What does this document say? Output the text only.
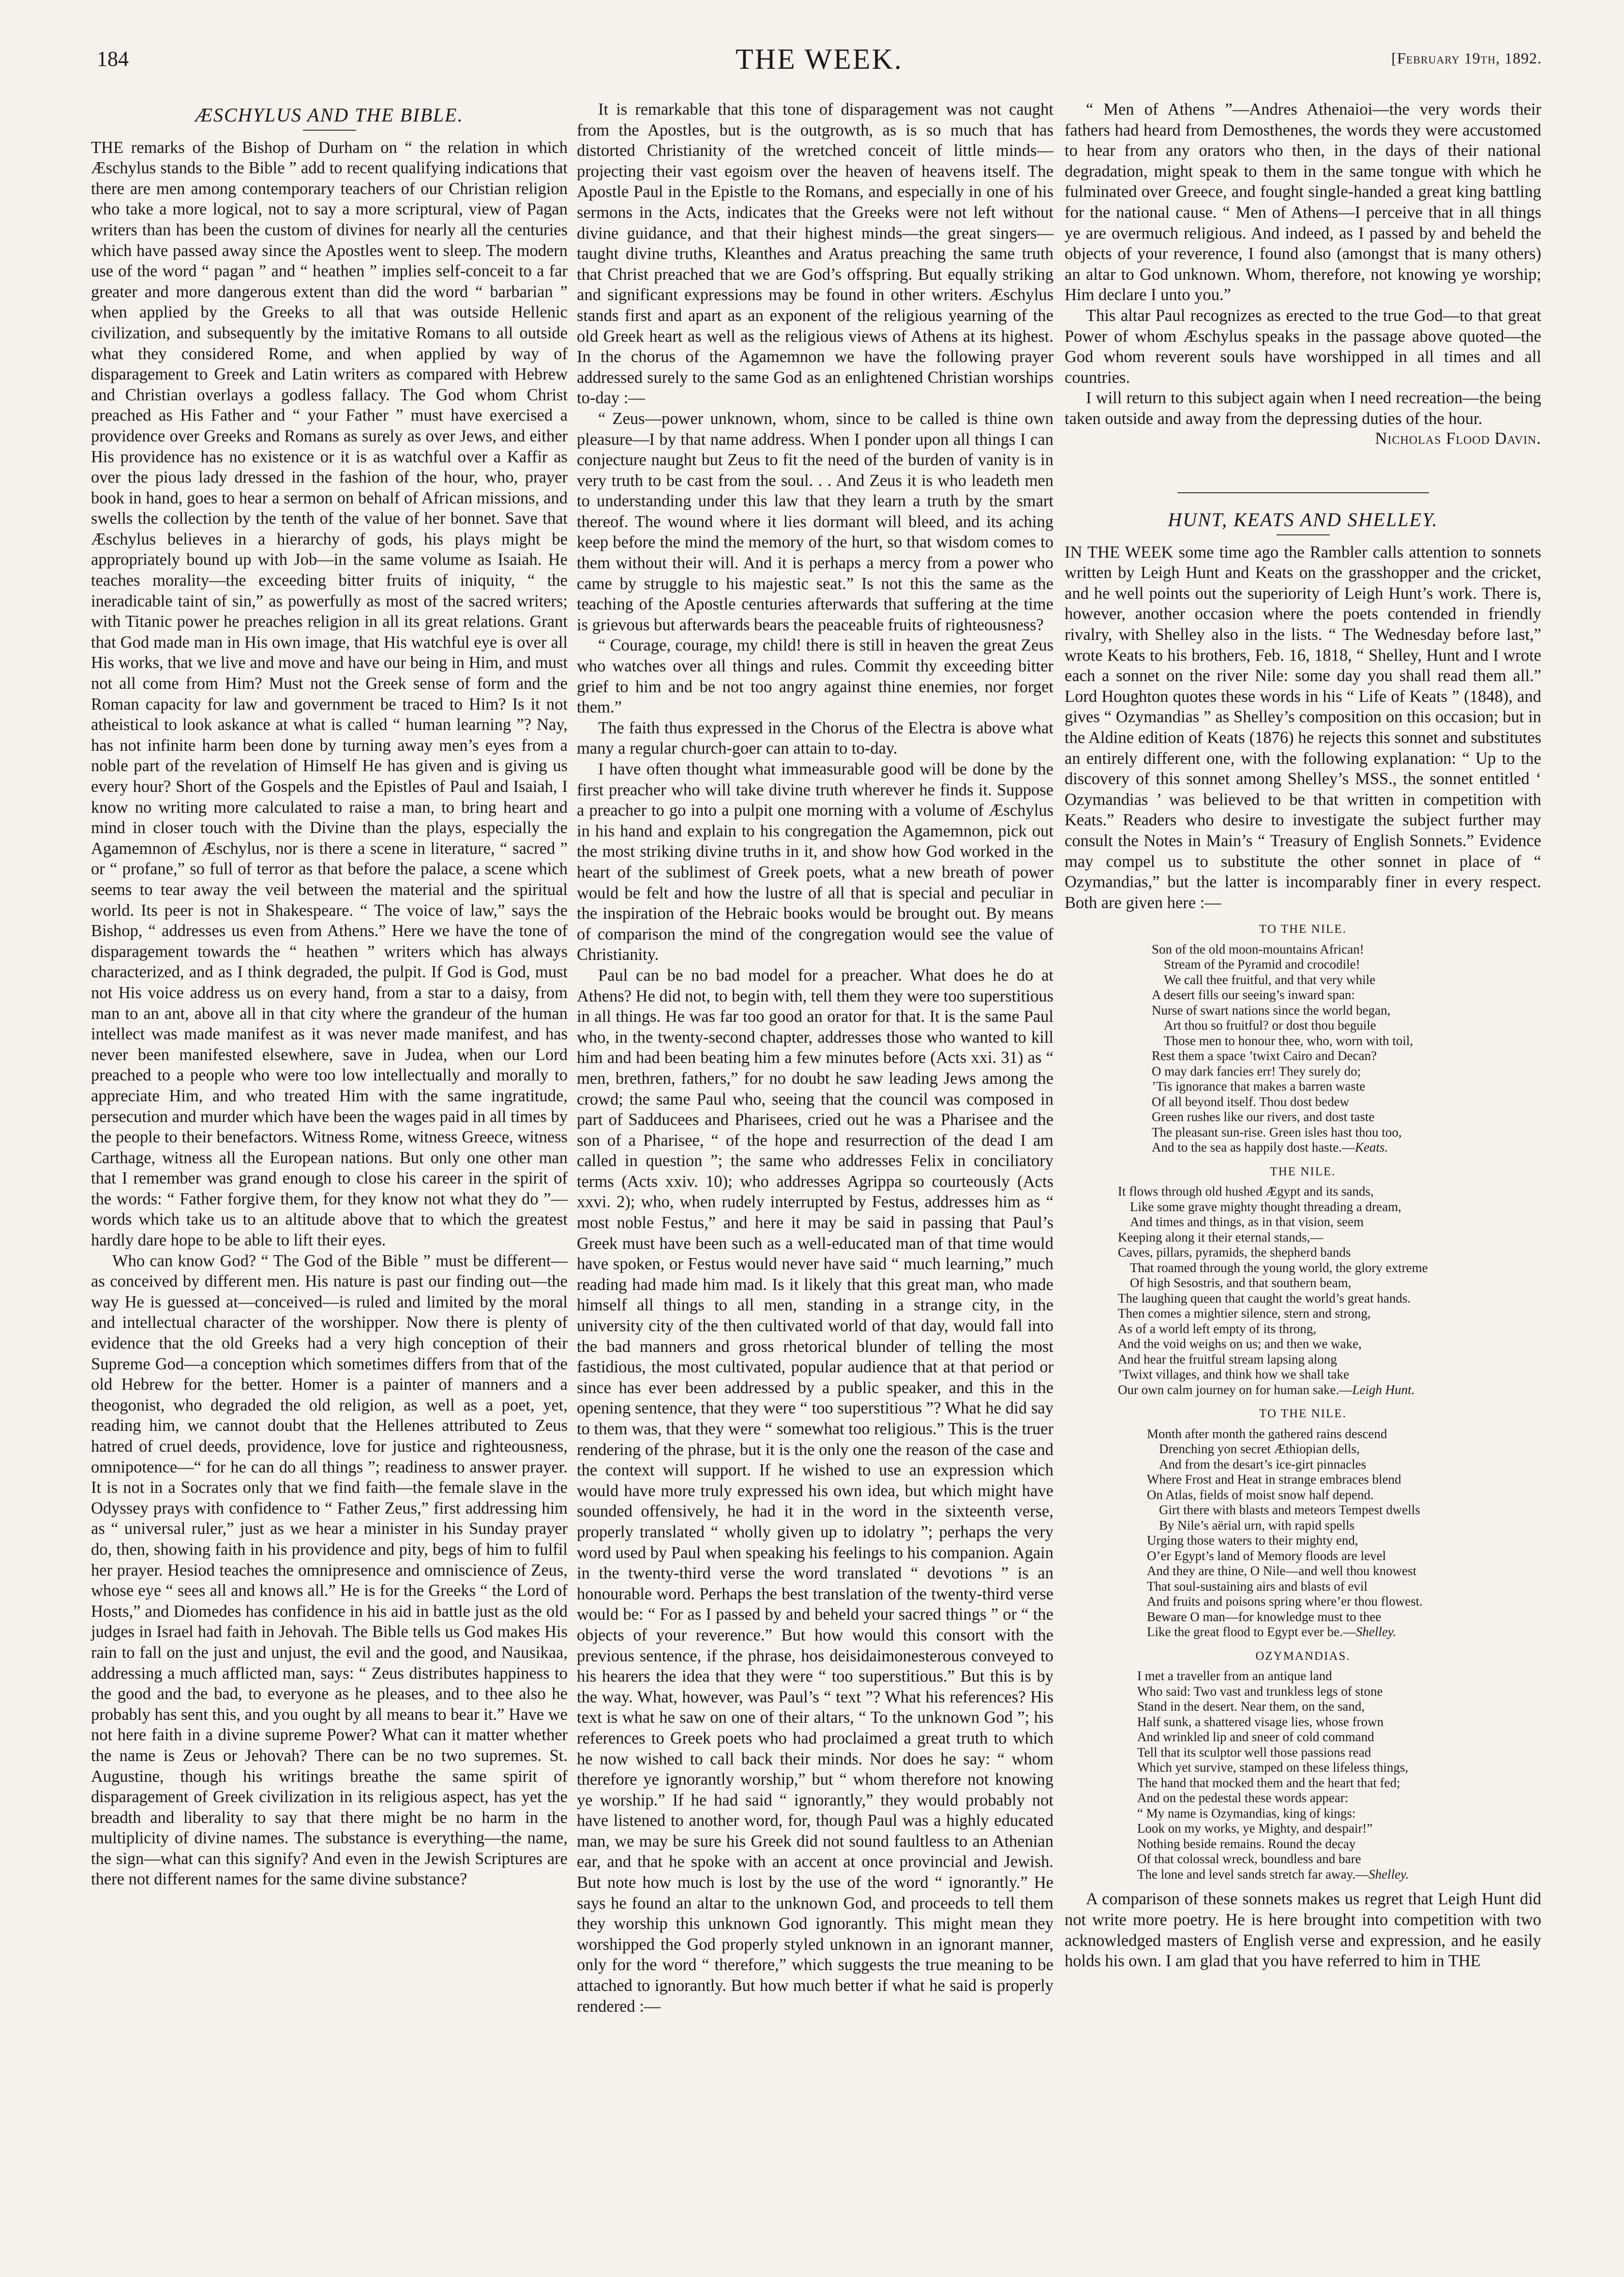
184	THE WEEK.	[February 19th, 1892.
ÆSCHYLUS AND THE BIBLE.

THE remarks of the Bishop of Durham on “ the relation in which Æschylus stands to the Bible ” add to recent qualifying indications that there are men among contemporary teachers of our Christian religion who take a more logical, not to say a more scriptural, view of Pagan writers than has been the custom of divines for nearly all the centuries which have passed away since the Apostles went to sleep. The modern use of the word “ pagan ” and “ heathen ” implies self-conceit to a far greater and more dangerous extent than did the word “ barbarian ” when applied by the Greeks to all that was outside Hellenic civilization, and subsequently by the imitative Romans to all outside what they considered Rome, and when applied by way of disparagement to Greek and Latin writers as compared with Hebrew and Christian overlays a godless fallacy. The God whom Christ preached as His Father and “ your Father ” must have exercised a providence over Greeks and Romans as surely as over Jews, and either His providence has no existence or it is as watchful over a Kaffir as over the pious lady dressed in the fashion of the hour, who, prayer book in hand, goes to hear a sermon on behalf of African missions, and swells the collection by the tenth of the value of her bonnet. Save that Æschylus believes in a hierarchy of gods, his plays might be appropriately bound up with Job—in the same volume as Isaiah. He teaches morality—the exceeding bitter fruits of iniquity, “ the ineradicable taint of sin,” as powerfully as most of the sacred writers; with Titanic power he preaches religion in all its great relations. Grant that God made man in His own image, that His watchful eye is over all His works, that we live and move and have our being in Him, and must not all come from Him? Must not the Greek sense of form and the Roman capacity for law and government be traced to Him? Is it not atheistical to look askance at what is called “ human learning ”? Nay, has not infinite harm been done by turning away men’s eyes from a noble part of the revelation of Himself He has given and is giving us every hour? Short of the Gospels and the Epistles of Paul and Isaiah, I know no writing more calculated to raise a man, to bring heart and mind in closer touch with the Divine than the plays, especially the Agamemnon of Æschylus, nor is there a scene in literature, “ sacred ” or “ profane,” so full of terror as that before the palace, a scene which seems to tear away the veil between the material and the spiritual world. Its peer is not in Shakespeare. “ The voice of law,” says the Bishop, “ addresses us even from Athens.” Here we have the tone of disparagement towards the “ heathen ” writers which has always characterized, and as I think degraded, the pulpit. If God is God, must not His voice address us on every hand, from a star to a daisy, from man to an ant, above all in that city where the grandeur of the human intellect was made manifest as it was never made manifest, and has never been manifested elsewhere, save in Judea, when our Lord preached to a people who were too low intellectually and morally to appreciate Him, and who treated Him with the same ingratitude, persecution and murder which have been the wages paid in all times by the people to their benefactors. Witness Rome, witness Greece, witness Carthage, witness all the European nations. But only one other man that I remember was grand enough to close his career in the spirit of the words: “ Father forgive them, for they know not what they do ”—words which take us to an altitude above that to which the greatest hardly dare hope to be able to lift their eyes.

Who can know God? “ The God of the Bible ” must be different—as conceived by different men. His nature is past our finding out—the way He is guessed at—conceived—is ruled and limited by the moral and intellectual character of the worshipper. Now there is plenty of evidence that the old Greeks had a very high conception of their Supreme God—a conception which sometimes differs from that of the old Hebrew for the better. Homer is a painter of manners and a theogonist, who degraded the old religion, as well as a poet, yet, reading him, we cannot doubt that the Hellenes attributed to Zeus hatred of cruel deeds, providence, love for justice and righteousness, omnipotence—“ for he can do all things ”; readiness to answer prayer. It is not in a Socrates only that we find faith—the female slave in the Odyssey prays with confidence to “ Father Zeus,” first addressing him as “ universal ruler,” just as we hear a minister in his Sunday prayer do, then, showing faith in his providence and pity, begs of him to fulfil her prayer. Hesiod teaches the omnipresence and omniscience of Zeus, whose eye “ sees all and knows all.” He is for the Greeks “ the Lord of Hosts,” and Diomedes has confidence in his aid in battle just as the old judges in Israel had faith in Jehovah. The Bible tells us God makes His rain to fall on the just and unjust, the evil and the good, and Nausikaa, addressing a much afflicted man, says: “ Zeus distributes happiness to the good and the bad, to everyone as he pleases, and to thee also he probably has sent this, and you ought by all means to bear it.” Have we not here faith in a divine supreme Power? What can it matter whether the name is Zeus or Jehovah? There can be no two supremes. St. Augustine, though his writings breathe the same spirit of disparagement of Greek civilization in its religious aspect, has yet the breadth and liberality to say that there might be no harm in the multiplicity of divine names. The substance is everything—the name, the sign—what can this signify? And even in the Jewish Scriptures are there not different names for the same divine substance?

It is remarkable that this tone of disparagement was not caught from the Apostles, but is the outgrowth, as is so much that has distorted Christianity of the wretched conceit of little minds—projecting their vast egoism over the heaven of heavens itself. The Apostle Paul in the Epistle to the Romans, and especially in one of his sermons in the Acts, indicates that the Greeks were not left without divine guidance, and that their highest minds—the great singers—taught divine truths, Kleanthes and Aratus preaching the same truth that Christ preached that we are God’s offspring. But equally striking and significant expressions may be found in other writers. Æschylus stands first and apart as an exponent of the religious yearning of the old Greek heart as well as the religious views of Athens at its highest. In the chorus of the Agamemnon we have the following prayer addressed surely to the same God as an enlightened Christian worships to-day :—

“ Zeus—power unknown, whom, since to be called is thine own pleasure—I by that name address. When I ponder upon all things I can conjecture naught but Zeus to fit the need of the burden of vanity is in very truth to be cast from the soul. . . And Zeus it is who leadeth men to understanding under this law that they learn a truth by the smart thereof. The wound where it lies dormant will bleed, and its aching keep before the mind the memory of the hurt, so that wisdom comes to them without their will. And it is perhaps a mercy from a power who came by struggle to his majestic seat.” Is not this the same as the teaching of the Apostle centuries afterwards that suffering at the time is grievous but afterwards bears the peaceable fruits of righteousness?

“ Courage, courage, my child! there is still in heaven the great Zeus who watches over all things and rules. Commit thy exceeding bitter grief to him and be not too angry against thine enemies, nor forget them.”

The faith thus expressed in the Chorus of the Electra is above what many a regular church-goer can attain to to-day.

I have often thought what immeasurable good will be done by the first preacher who will take divine truth wherever he finds it. Suppose a preacher to go into a pulpit one morning with a volume of Æschylus in his hand and explain to his congregation the Agamemnon, pick out the most striking divine truths in it, and show how God worked in the heart of the sublimest of Greek poets, what a new breath of power would be felt and how the lustre of all that is special and peculiar in the inspiration of the Hebraic books would be brought out. By means of comparison the mind of the congregation would see the value of Christianity.

Paul can be no bad model for a preacher. What does he do at Athens? He did not, to begin with, tell them they were too superstitious in all things. He was far too good an orator for that. It is the same Paul who, in the twenty-second chapter, addresses those who wanted to kill him and had been beating him a few minutes before (Acts xxi. 31) as “ men, brethren, fathers,” for no doubt he saw leading Jews among the crowd; the same Paul who, seeing that the council was composed in part of Sadducees and Pharisees, cried out he was a Pharisee and the son of a Pharisee, “ of the hope and resurrection of the dead I am called in question ”; the same who addresses Felix in conciliatory terms (Acts xxiv. 10); who addresses Agrippa so courteously (Acts xxvi. 2); who, when rudely interrupted by Festus, addresses him as “ most noble Festus,” and here it may be said in passing that Paul’s Greek must have been such as a well-educated man of that time would have spoken, or Festus would never have said “ much learning,” much reading had made him mad. Is it likely that this great man, who made himself all things to all men, standing in a strange city, in the university city of the then cultivated world of that day, would fall into the bad manners and gross rhetorical blunder of telling the most fastidious, the most cultivated, popular audience that at that period or since has ever been addressed by a public speaker, and this in the opening sentence, that they were “ too superstitious ”? What he did say to them was, that they were “ somewhat too religious.” This is the truer rendering of the phrase, but it is the only one the reason of the case and the context will support. If he wished to use an expression which would have more truly expressed his own idea, but which might have sounded offensively, he had it in the word in the sixteenth verse, properly translated “ wholly given up to idolatry ”; perhaps the very word used by Paul when speaking his feelings to his companion. Again in the twenty-third verse the word translated “ devotions ” is an honourable word. Perhaps the best translation of the twenty-third verse would be: “ For as I passed by and beheld your sacred things ” or “ the objects of your reverence.” But how would this consort with the previous sentence, if the phrase, hos deisidaimonesterous conveyed to his hearers the idea that they were “ too superstitious.” But this is by the way. What, however, was Paul’s “ text ”? What his references? His text is what he saw on one of their altars, “ To the unknown God ”; his references to Greek poets who had proclaimed a great truth to which he now wished to call back their minds. Nor does he say: “ whom therefore ye ignorantly worship,” but “ whom therefore not knowing ye worship.” If he had said “ ignorantly,” they would probably not have listened to another word, for, though Paul was a highly educated man, we may be sure his Greek did not sound faultless to an Athenian ear, and that he spoke with an accent at once provincial and Jewish. But note how much is lost by the use of the word “ ignorantly.” He says he found an altar to the unknown God, and proceeds to tell them they worship this unknown God ignorantly. This might mean they worshipped the God properly styled unknown in an ignorant manner, only for the word “ therefore,” which suggests the true meaning to be attached to ignorantly. But how much better if what he said is properly rendered :—

“ Men of Athens ”—Andres Athenaioi—the very words their fathers had heard from Demosthenes, the words they were accustomed to hear from any orators who then, in the days of their national degradation, might speak to them in the same tongue with which he fulminated over Greece, and fought single-handed a great king battling for the national cause. “ Men of Athens—I perceive that in all things ye are overmuch religious. And indeed, as I passed by and beheld the objects of your reverence, I found also (amongst that is many others) an altar to God unknown. Whom, therefore, not knowing ye worship; Him declare I unto you.”

This altar Paul recognizes as erected to the true God—to that great Power of whom Æschylus speaks in the passage above quoted—the God whom reverent souls have worshipped in all times and all countries.

I will return to this subject again when I need recreation—the being taken outside and away from the depressing duties of the hour.

Nicholas Flood Davin.
HUNT, KEATS AND SHELLEY.

IN THE WEEK some time ago the Rambler calls attention to sonnets written by Leigh Hunt and Keats on the grasshopper and the cricket, and he well points out the superiority of Leigh Hunt’s work. There is, however, another occasion where the poets contended in friendly rivalry, with Shelley also in the lists. “ The Wednesday before last,” wrote Keats to his brothers, Feb. 16, 1818, “ Shelley, Hunt and I wrote each a sonnet on the river Nile: some day you shall read them all.” Lord Houghton quotes these words in his “ Life of Keats ” (1848), and gives “ Ozymandias ” as Shelley’s composition on this occasion; but in the Aldine edition of Keats (1876) he rejects this sonnet and substitutes an entirely different one, with the following explanation: “ Up to the discovery of this sonnet among Shelley’s MSS., the sonnet entitled ‘ Ozymandias ’ was believed to be that written in competition with Keats.” Readers who desire to investigate the subject further may consult the Notes in Main’s “ Treasury of English Sonnets.” Evidence may compel us to substitute the other sonnet in place of “ Ozymandias,” but the latter is incomparably finer in every respect. Both are given here :—

TO THE NILE.
Son of the old moon-mountains African!
Stream of the Pyramid and crocodile!
We call thee fruitful, and that very while
A desert fills our seeing’s inward span:
Nurse of swart nations since the world began,
Art thou so fruitful? or dost thou beguile
Those men to honour thee, who, worn with toil,
Rest them a space ’twixt Cairo and Decan?
O may dark fancies err! They surely do;
’Tis ignorance that makes a barren waste
Of all beyond itself. Thou dost bedew
Green rushes like our rivers, and dost taste
The pleasant sun-rise. Green isles hast thou too,
And to the sea as happily dost haste.—Keats.
THE NILE.
It flows through old hushed Ægypt and its sands,
Like some grave mighty thought threading a dream,
And times and things, as in that vision, seem
Keeping along it their eternal stands,—
Caves, pillars, pyramids, the shepherd bands
That roamed through the young world, the glory extreme
Of high Sesostris, and that southern beam,
The laughing queen that caught the world’s great hands.
Then comes a mightier silence, stern and strong,
As of a world left empty of its throng,
And the void weighs on us; and then we wake,
And hear the fruitful stream lapsing along
’Twixt villages, and think how we shall take
Our own calm journey on for human sake.—Leigh Hunt.
TO THE NILE.
Month after month the gathered rains descend
Drenching yon secret Æthiopian dells,
And from the desart’s ice-girt pinnacles
Where Frost and Heat in strange embraces blend
On Atlas, fields of moist snow half depend.
Girt there with blasts and meteors Tempest dwells
By Nile’s aërial urn, with rapid spells
Urging those waters to their mighty end,
O’er Egypt’s land of Memory floods are level
And they are thine, O Nile—and well thou knowest
That soul-sustaining airs and blasts of evil
And fruits and poisons spring where’er thou flowest.
Beware O man—for knowledge must to thee
Like the great flood to Egypt ever be.—Shelley.
OZYMANDIAS.
I met a traveller from an antique land
Who said: Two vast and trunkless legs of stone
Stand in the desert. Near them, on the sand,
Half sunk, a shattered visage lies, whose frown
And wrinkled lip and sneer of cold command
Tell that its sculptor well those passions read
Which yet survive, stamped on these lifeless things,
The hand that mocked them and the heart that fed;
And on the pedestal these words appear:
“ My name is Ozymandias, king of kings:
Look on my works, ye Mighty, and despair!”
Nothing beside remains. Round the decay
Of that colossal wreck, boundless and bare
The lone and level sands stretch far away.—Shelley.

A comparison of these sonnets makes us regret that Leigh Hunt did not write more poetry. He is here brought into competition with two acknowledged masters of English verse and expression, and he easily holds his own. I am glad that you have referred to him in THE
